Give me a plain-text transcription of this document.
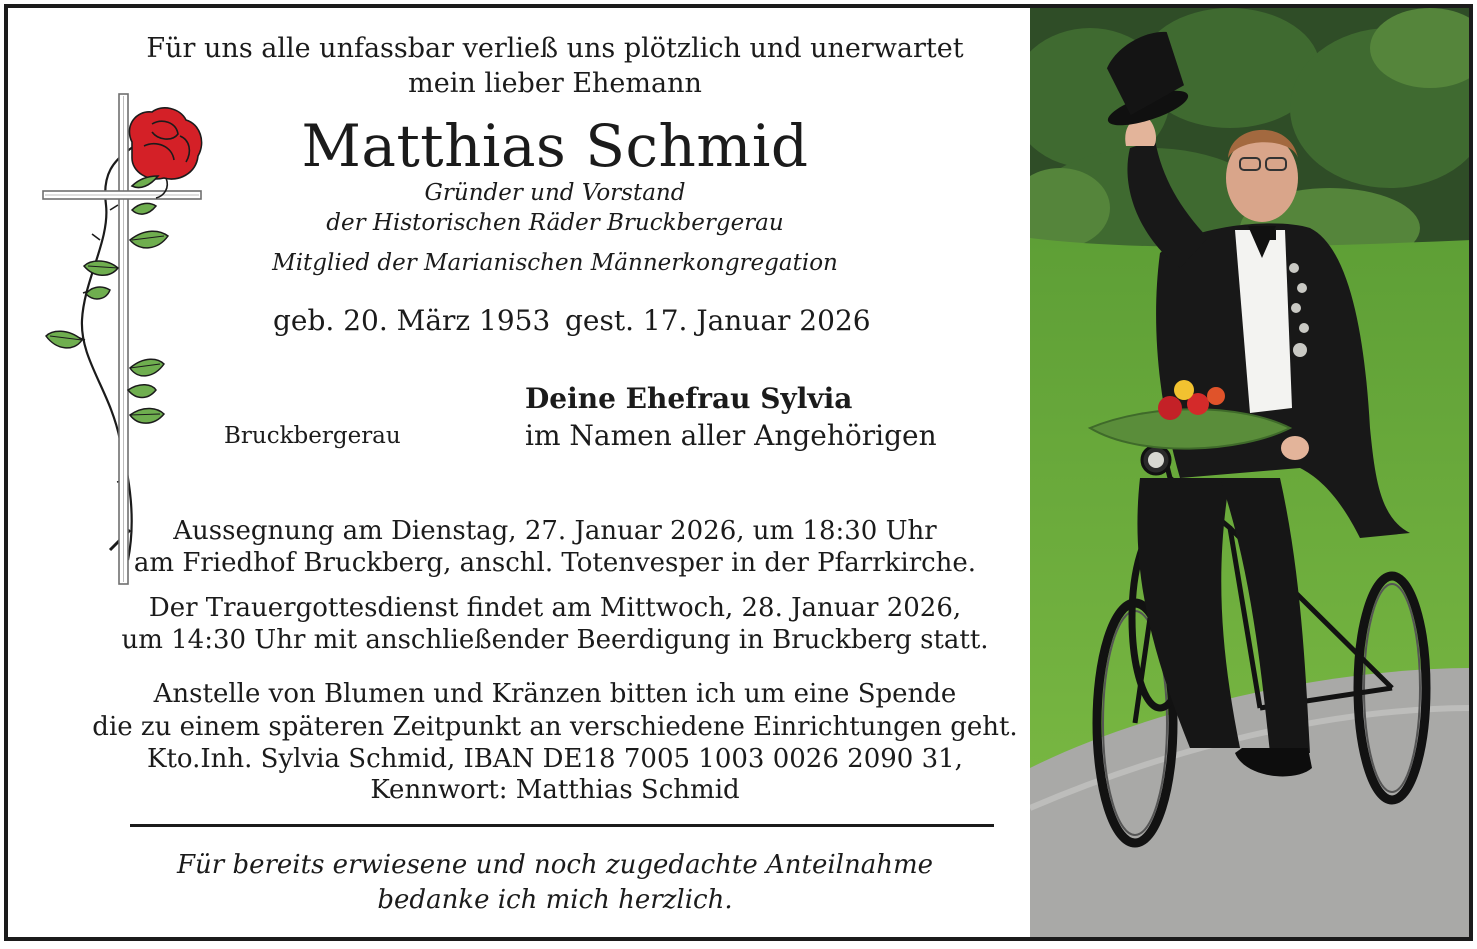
Für uns alle unfassbar verließ uns plötzlich und unerwartet
mein lieber Ehemann
Matthias Schmid
Gründer und Vorstand
der Historischen Räder Bruckbergerau
Mitglied der Marianischen Männerkongregation
geb. 20. März 1953 gest. 17. Januar 2026
Deine Ehefrau Sylvia
Bruckbergerau	im Namen aller Angehörigen
Aussegnung am Dienstag, 27. Januar 2026, um 18:30 Uhr
am Friedhof Bruckberg, anschl. Totenvesper in der Pfarrkirche.
Der Trauergottesdienst findet am Mittwoch, 28. Januar 2026,
um 14:30 Uhr mit anschließender Beerdigung in Bruckberg statt.
Anstelle von Blumen und Kränzen bitten ich um eine Spende
die zu einem späteren Zeitpunkt an verschiedene Einrichtungen geht.
Kto.Inh. Sylvia Schmid, IBAN DE18 7005 1003 0026 2090 31,
Kennwort: Matthias Schmid
Für bereits erwiesene und noch zugedachte Anteilnahme
bedanke ich mich herzlich.
